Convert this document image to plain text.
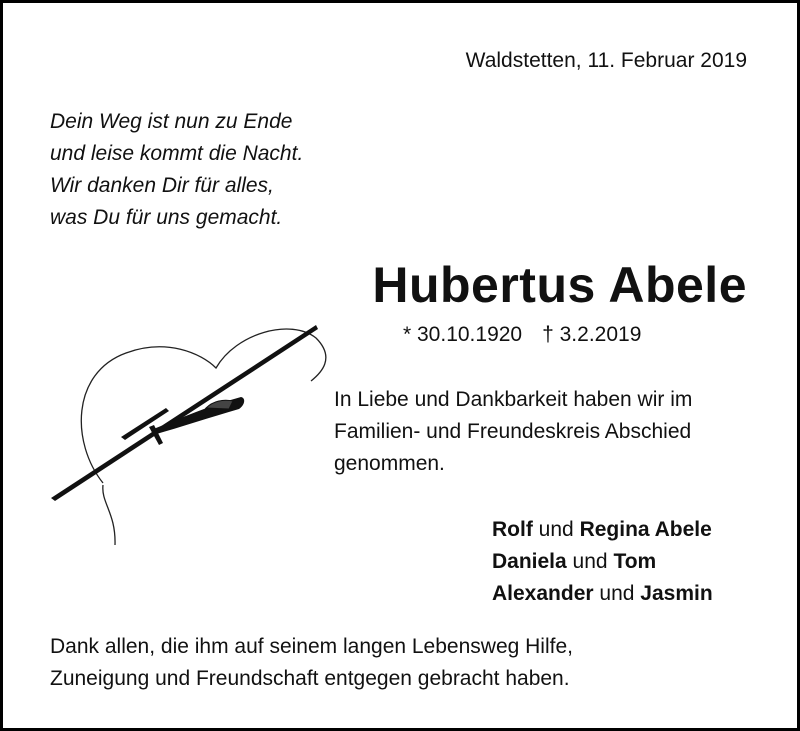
Waldstetten, 11. Februar 2019
Dein Weg ist nun zu Ende
und leise kommt die Nacht.
Wir danken Dir für alles,
was Du für uns gemacht.
Hubertus Abele
* 30.10.1920 † 3.2.2019
In Liebe und Dankbarkeit haben wir im
Familien- und Freundeskreis Abschied
genommen.
Rolf und Regina Abele
Daniela und Tom
Alexander und Jasmin
Dank allen, die ihm auf seinem langen Lebensweg Hilfe,
Zuneigung und Freundschaft entgegen gebracht haben.
